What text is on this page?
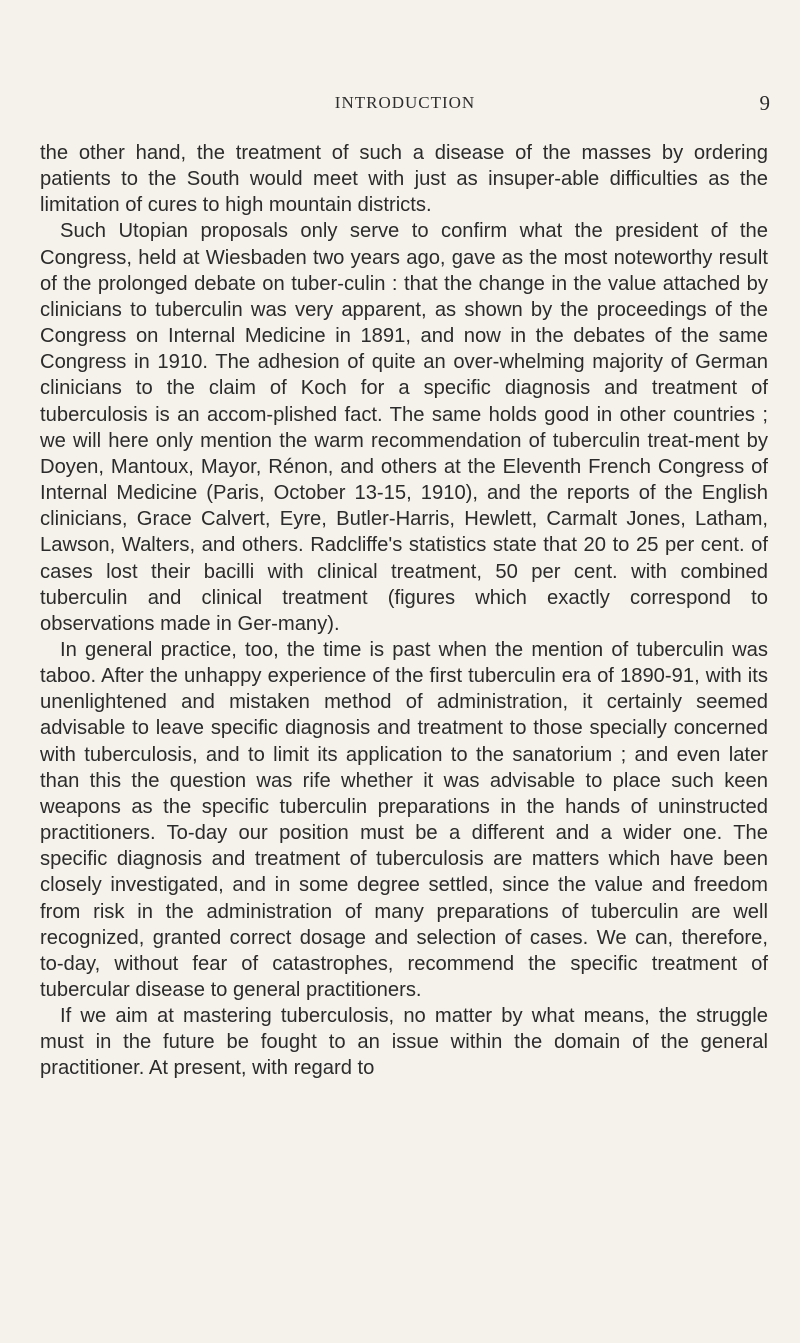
INTRODUCTION	9

the other hand, the treatment of such a disease of the masses by ordering patients to the South would meet with just as insuper-able difficulties as the limitation of cures to high mountain districts.

Such Utopian proposals only serve to confirm what the president of the Congress, held at Wiesbaden two years ago, gave as the most noteworthy result of the prolonged debate on tuber-culin : that the change in the value attached by clinicians to tuberculin was very apparent, as shown by the proceedings of the Congress on Internal Medicine in 1891, and now in the debates of the same Congress in 1910. The adhesion of quite an over-whelming majority of German clinicians to the claim of Koch for a specific diagnosis and treatment of tuberculosis is an accom-plished fact. The same holds good in other countries ; we will here only mention the warm recommendation of tuberculin treat-ment by Doyen, Mantoux, Mayor, Rénon, and others at the Eleventh French Congress of Internal Medicine (Paris, October 13-15, 1910), and the reports of the English clinicians, Grace Calvert, Eyre, Butler-Harris, Hewlett, Carmalt Jones, Latham, Lawson, Walters, and others. Radcliffe's statistics state that 20 to 25 per cent. of cases lost their bacilli with clinical treatment, 50 per cent. with combined tuberculin and clinical treatment (figures which exactly correspond to observations made in Ger-many).

In general practice, too, the time is past when the mention of tuberculin was taboo. After the unhappy experience of the first tuberculin era of 1890-91, with its unenlightened and mistaken method of administration, it certainly seemed advisable to leave specific diagnosis and treatment to those specially concerned with tuberculosis, and to limit its application to the sanatorium ; and even later than this the question was rife whether it was advisable to place such keen weapons as the specific tuberculin preparations in the hands of uninstructed practitioners. To-day our position must be a different and a wider one. The specific diagnosis and treatment of tuberculosis are matters which have been closely investigated, and in some degree settled, since the value and freedom from risk in the administration of many preparations of tuberculin are well recognized, granted correct dosage and selection of cases. We can, therefore, to-day, without fear of catastrophes, recommend the specific treatment of tubercular disease to general practitioners.

If we aim at mastering tuberculosis, no matter by what means, the struggle must in the future be fought to an issue within the domain of the general practitioner. At present, with regard to
